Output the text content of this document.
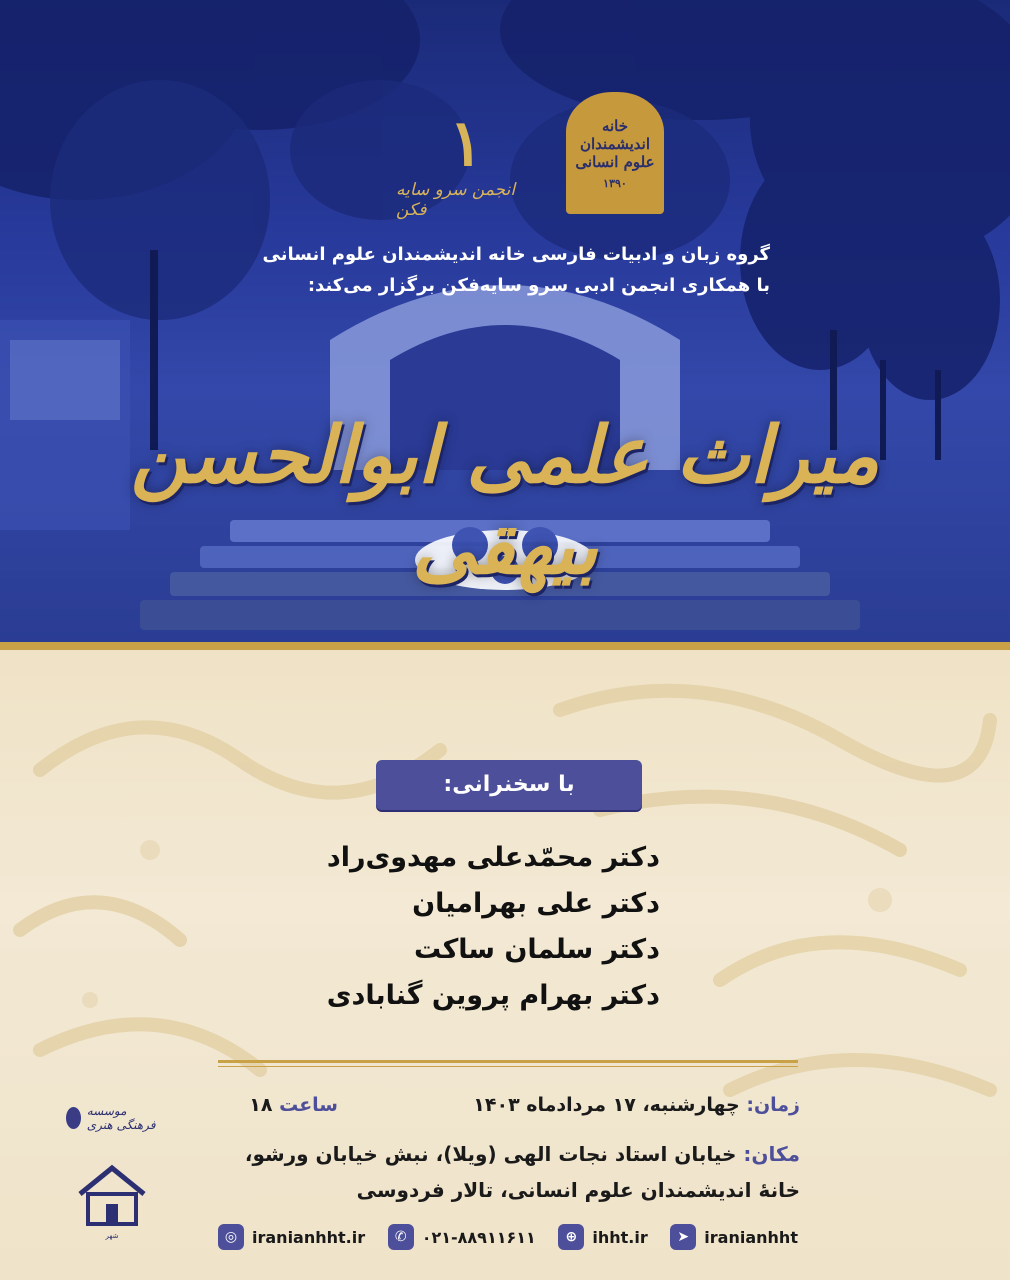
خانه اندیشمندان علوم انسانی
۱۳۹۰
۱
انجمن سرو سایه فکن
گروه زبان و ادبیات فارسی خانه اندیشمندان علوم انسانی
با همکاری انجمن ادبی سرو سایه‌فکن برگزار می‌کند:
میراث علمی ابوالحسن بیهقی
با سخنرانی:
دکتر محمّدعلی مهدوی‌راد
دکتر علی بهرامیان
دکتر سلمان ساکت
دکتر بهرام پروین گنابادی
زمان: چهارشنبه، ۱۷ مردادماه ۱۴۰۳
ساعت ۱۸
مکان: خیابان استاد نجات الهی (ویلا)، نبش خیابان ورشو،
خانهٔ اندیشمندان علوم انسانی، تالار فردوسی
◎ iranianhht.ir	✆ ۰۲۱-۸۸۹۱۱۶۱۱	⊕ ihht.ir	➤ iranianhht
موسسه فرهنگی هنری
شهر
